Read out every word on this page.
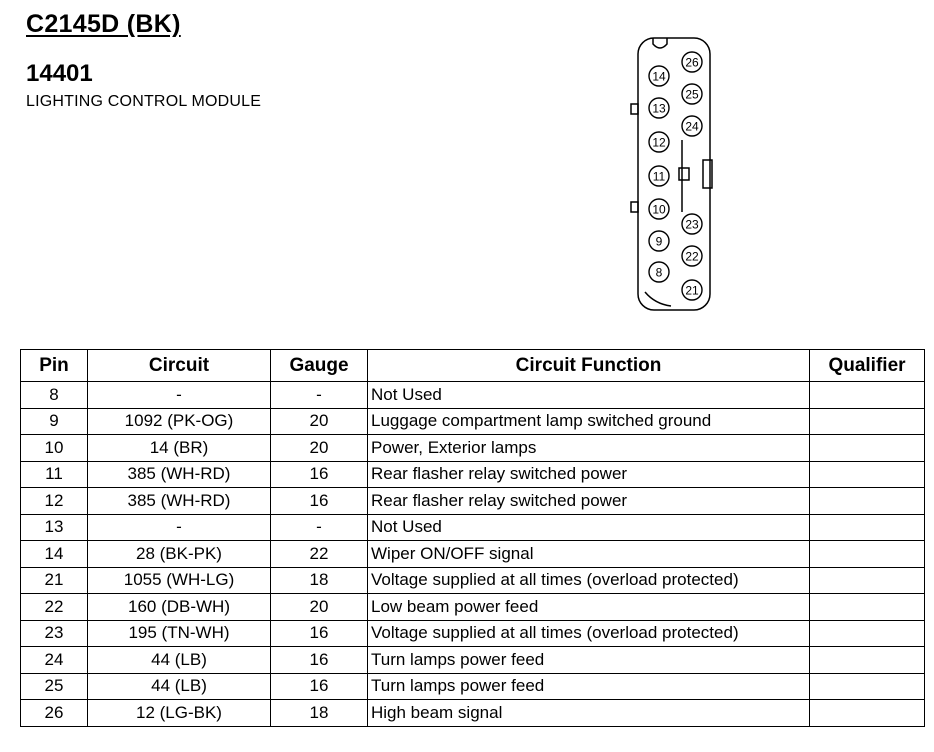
C2145D (BK)
14401
LIGHTING CONTROL MODULE
14
13
12
11
10
9
8
26
25
24
23
22
21
Pin	Circuit	Gauge	Circuit Function	Qualifier
8	-	-	Not Used	
9	1092 (PK-OG)	20	Luggage compartment lamp switched ground	
10	14 (BR)	20	Power, Exterior lamps	
11	385 (WH-RD)	16	Rear flasher relay switched power	
12	385 (WH-RD)	16	Rear flasher relay switched power	
13	-	-	Not Used	
14	28 (BK-PK)	22	Wiper ON/OFF signal	
21	1055 (WH-LG)	18	Voltage supplied at all times (overload protected)	
22	160 (DB-WH)	20	Low beam power feed	
23	195 (TN-WH)	16	Voltage supplied at all times (overload protected)	
24	44 (LB)	16	Turn lamps power feed	
25	44 (LB)	16	Turn lamps power feed	
26	12 (LG-BK)	18	High beam signal	
